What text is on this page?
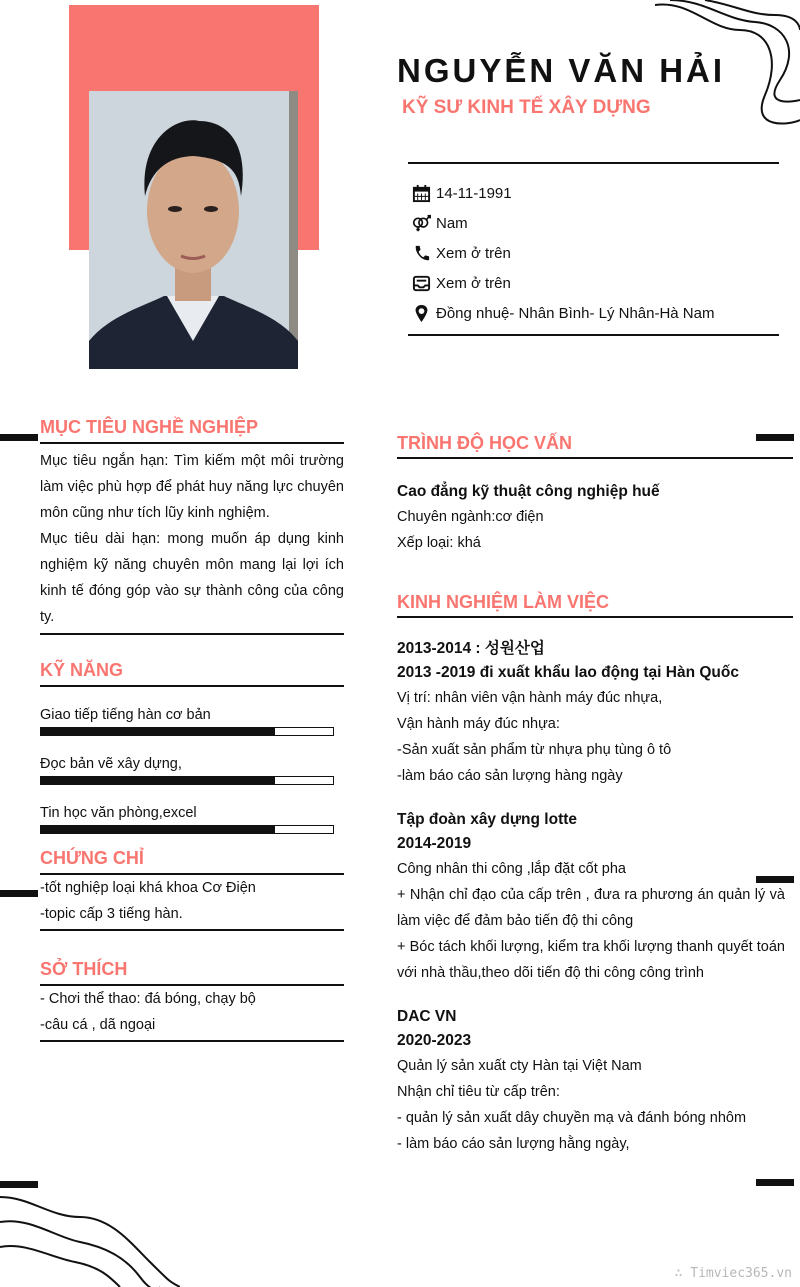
NGUYỄN VĂN HẢI
KỸ SƯ KINH TẾ XÂY DỰNG
14-11-1991
Nam
Xem ở trên
Xem ở trên
Đồng nhuệ- Nhân Bình- Lý Nhân-Hà Nam
MỤC TIÊU NGHỀ NGHIỆP
Mục tiêu ngắn hạn: Tìm kiếm một môi trường làm việc phù hợp để phát huy năng lực chuyên môn cũng như tích lũy kinh nghiệm.
Mục tiêu dài hạn: mong muốn áp dụng kinh nghiệm kỹ năng chuyên môn mang lại lợi ích kinh tế đóng góp vào sự thành công của công ty.
KỸ NĂNG
Giao tiếp tiếng hàn cơ bản
Đọc bản vẽ xây dựng,
Tin học văn phòng,excel
CHỨNG CHỈ
-tốt nghiệp loại khá khoa Cơ Điện
-topic cấp 3 tiếng hàn.
SỞ THÍCH
- Chơi thể thao: đá bóng, chạy bộ
-câu cá , dã ngoại
TRÌNH ĐỘ HỌC VẤN
Cao đẳng kỹ thuật công nghiệp huế
Chuyên ngành:cơ điện
Xếp loại: khá
KINH NGHIỆM LÀM VIỆC
2013-2014 : 성원산업
2013 -2019 đi xuất khẩu lao động tại Hàn Quốc
Vị trí: nhân viên vận hành máy đúc nhựa,
Vận hành máy đúc nhựa:
-Sản xuất sản phẩm từ nhựa phụ tùng ô tô
-làm báo cáo sản lượng hàng ngày
Tập đoàn xây dựng lotte
2014-2019
Công nhân thi công ,lắp đặt cốt pha
+ Nhận chỉ đạo của cấp trên , đưa ra phương án quản lý và làm việc để đảm bảo tiến độ thi công
+ Bóc tách khối lượng, kiểm tra khối lượng thanh quyết toán với nhà thầu,theo dõi tiến độ thi công công trình
DAC VN
2020-2023
Quản lý sản xuất cty Hàn tại Việt Nam
Nhận chỉ tiêu từ cấp trên:
- quản lý sản xuất dây chuyền mạ và đánh bóng nhôm
- làm báo cáo sản lượng hằng ngày,
∴ Timviec365.vn
